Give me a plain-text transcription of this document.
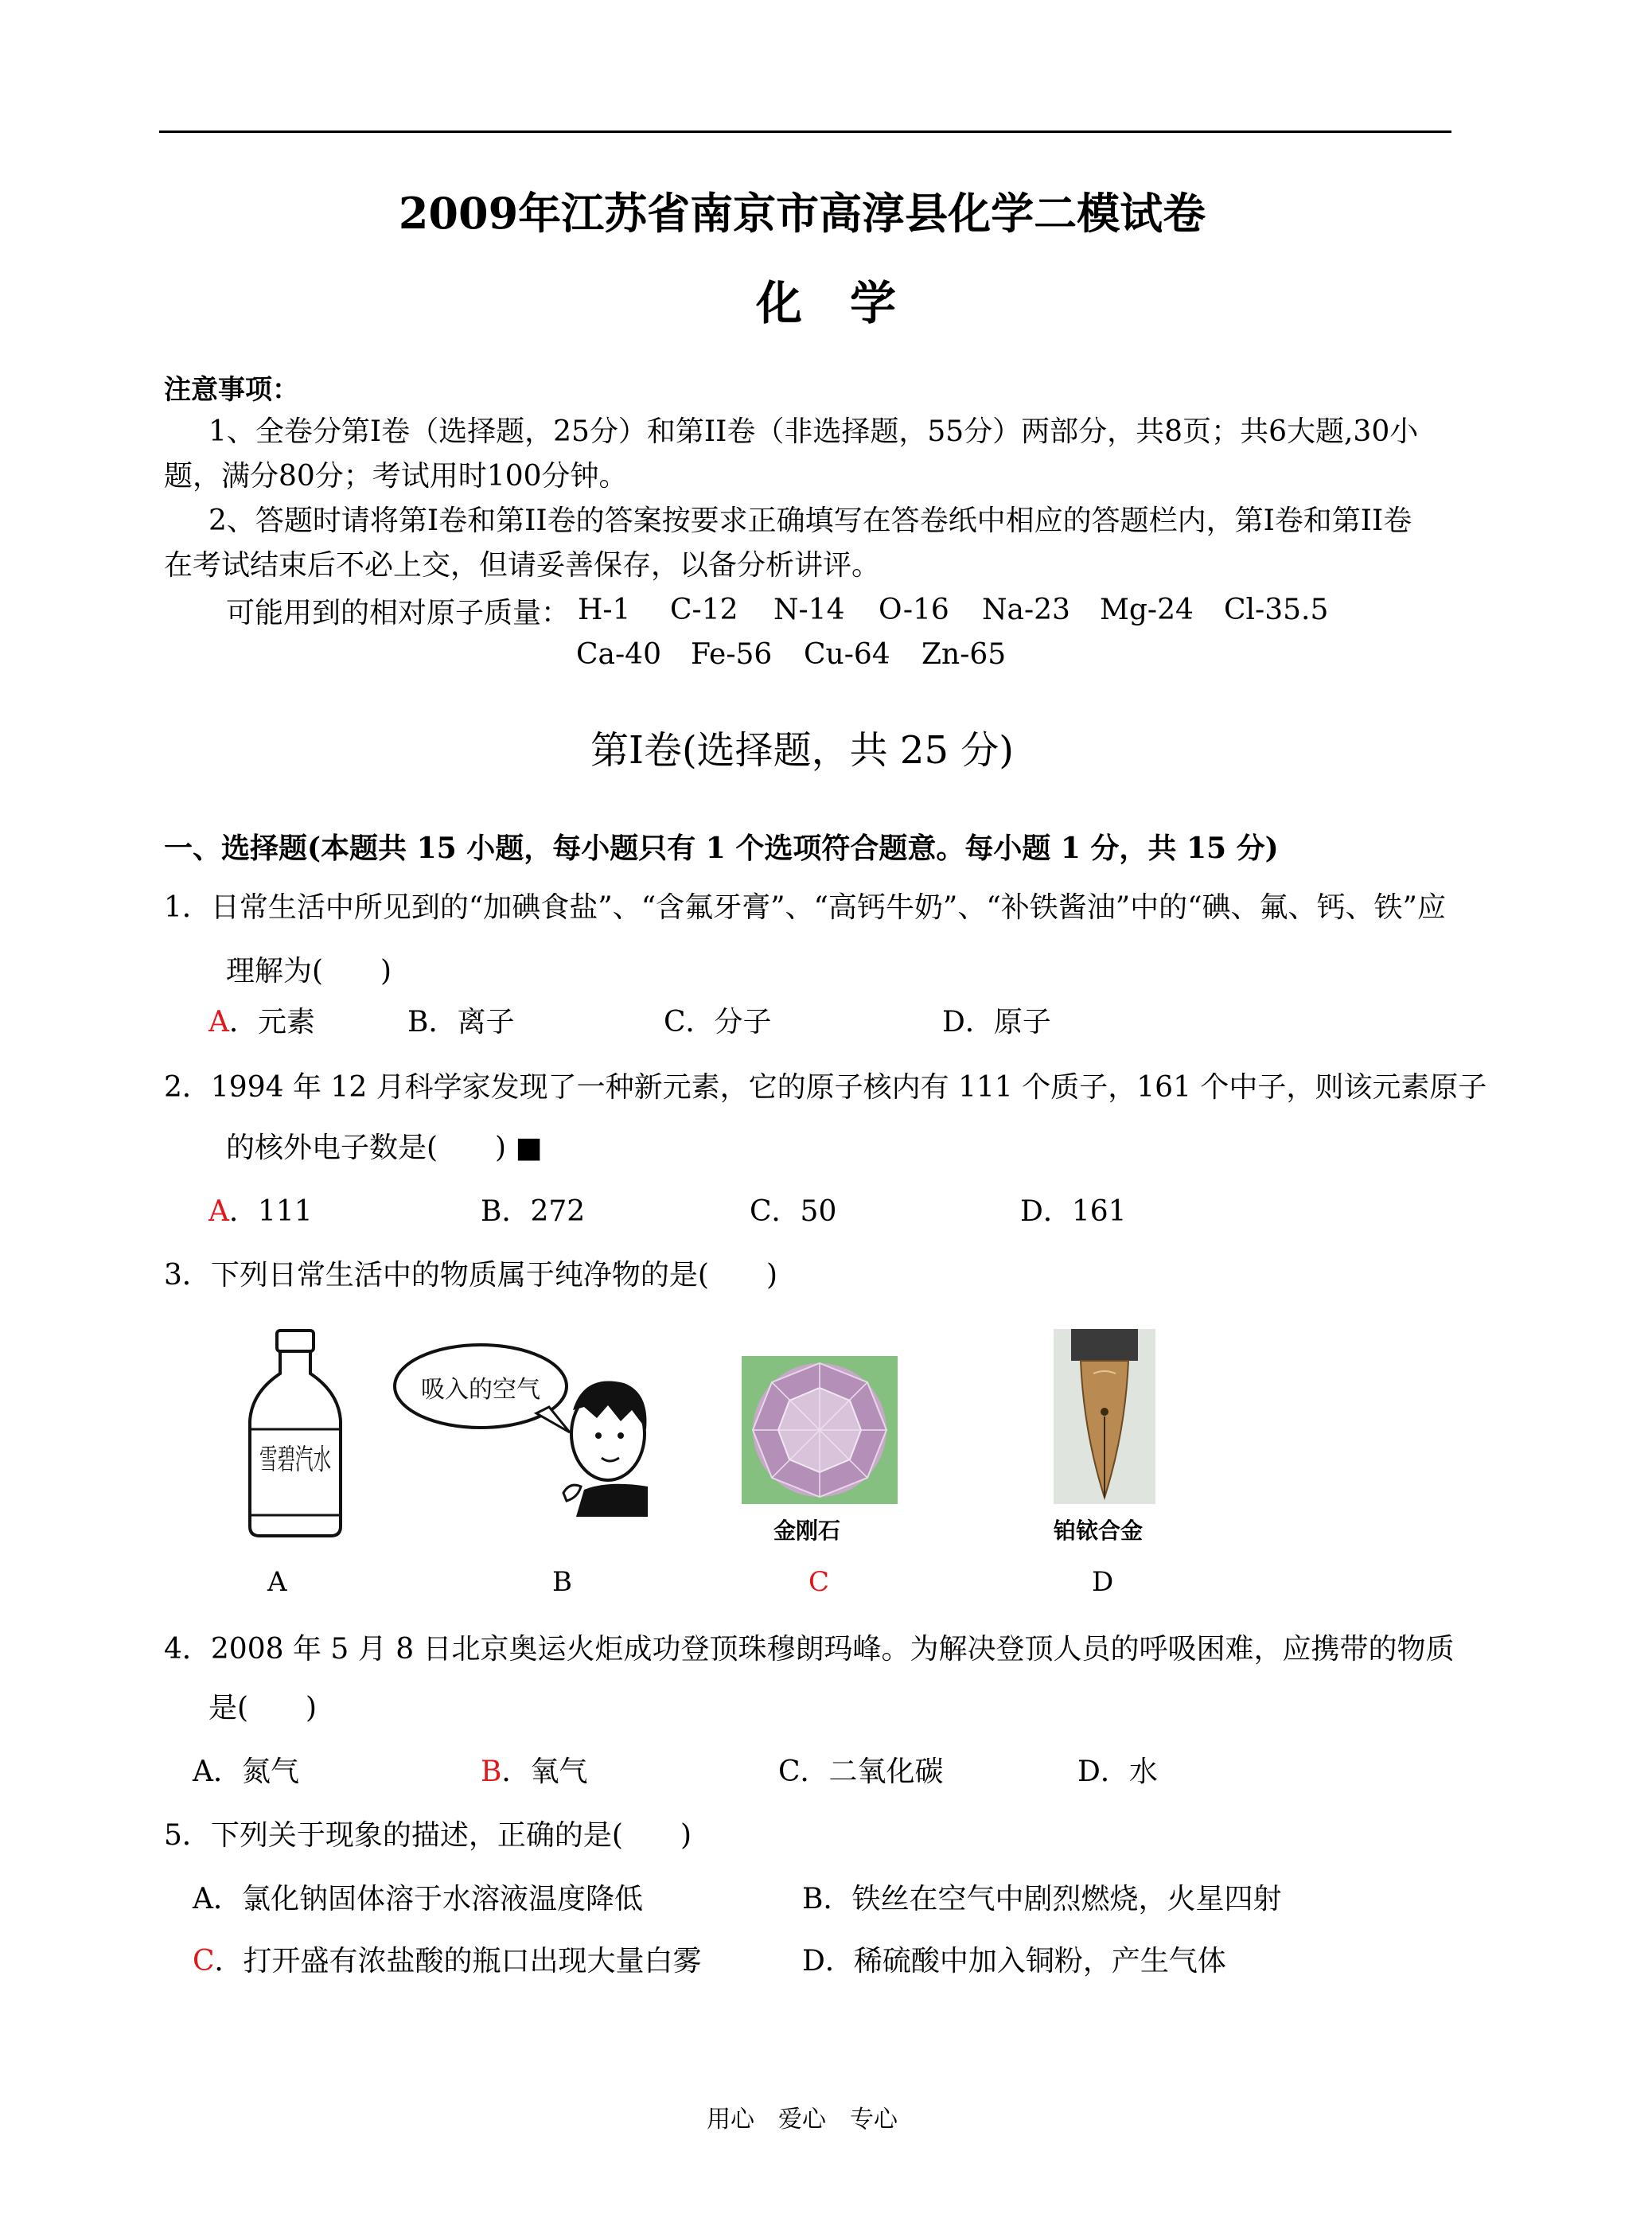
2009年江苏省南京市高淳县化学二模试卷
化学
注意事项：
1、全卷分第I卷（选择题，25分）和第II卷（非选择题，55分）两部分，共8页；共6大题,30小
题，满分80分；考试用时100分钟。
2、答题时请将第I卷和第II卷的答案按要求正确填写在答卷纸中相应的答题栏内，第I卷和第II卷
在考试结束后不必上交，但请妥善保存，以备分析讲评。
可能用到的相对原子质量： H-1 C-12 N-14 O-16 Na-23 Mg-24 Cl-35.5
Ca-40 Fe-56 Cu-64 Zn-65
第I卷(选择题，共 25 分)
一、选择题(本题共 15 小题，每小题只有 1 个选项符合题意。每小题 1 分，共 15 分)
1．日常生活中所见到的“加碘食盐”、“含氟牙膏”、“高钙牛奶”、“补铁酱油”中的“碘、氟、钙、铁”应
理解为(　　)
A．元素	B．离子	C．分子	D．原子
2．1994 年 12 月科学家发现了一种新元素，它的原子核内有 111 个质子，161 个中子，则该元素原子
的核外电子数是(　　) ■
A．111	B．272	C．50	D．161
3．下列日常生活中的物质属于纯净物的是(　　)
雪碧汽水
吸入的空气
金刚石	铂铱合金
A	B	C	D
4．2008 年 5 月 8 日北京奥运火炬成功登顶珠穆朗玛峰。为解决登顶人员的呼吸困难，应携带的物质
是(　　)
A．氮气	B．氧气	C．二氧化碳	D．水
5．下列关于现象的描述，正确的是(　　)
A．氯化钠固体溶于水溶液温度降低	B．铁丝在空气中剧烈燃烧，火星四射
C．打开盛有浓盐酸的瓶口出现大量白雾	D．稀硫酸中加入铜粉，产生气体
用心　爱心　专心
